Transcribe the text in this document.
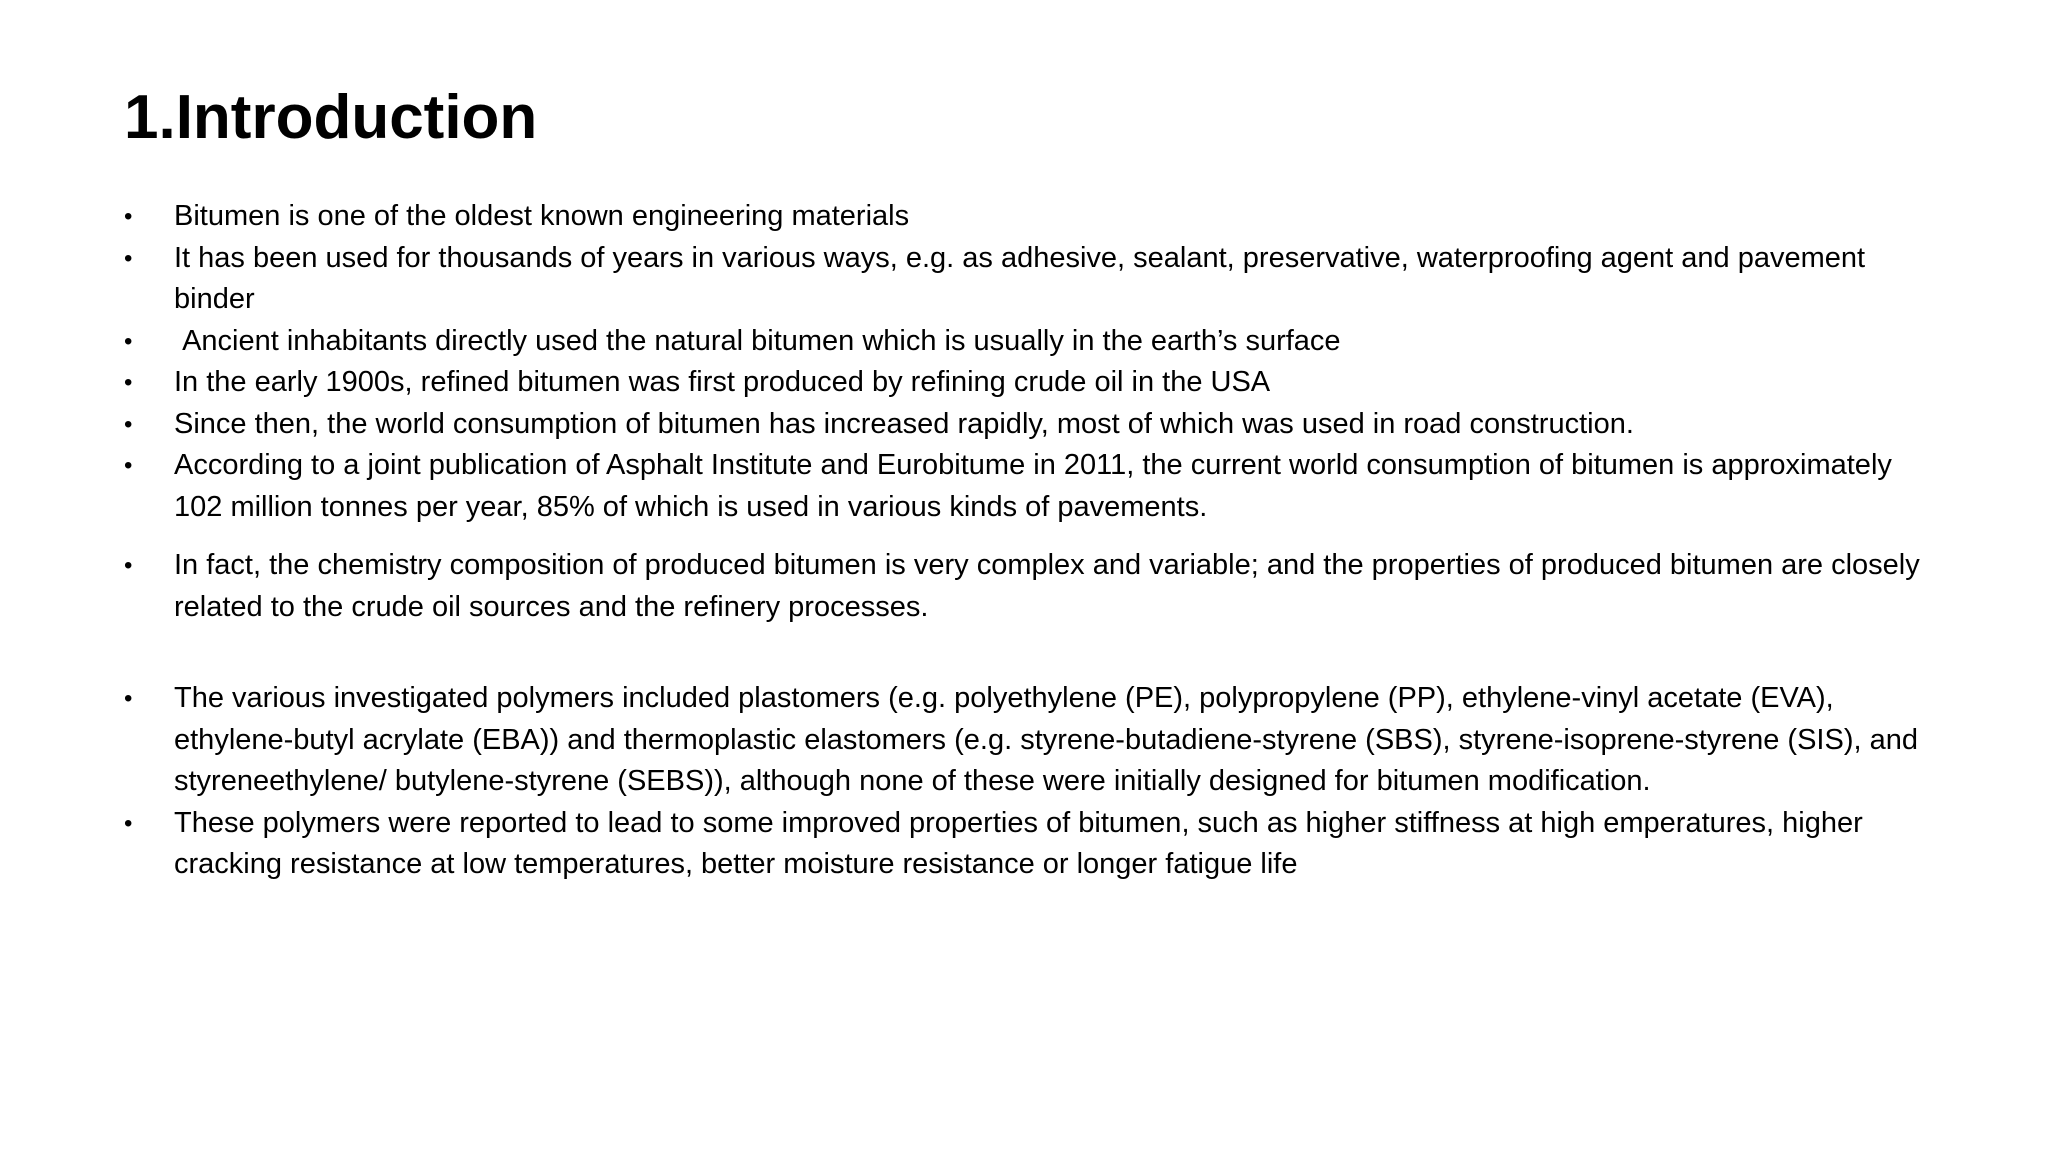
1.Introduction
•	Bitumen is one of the oldest known engineering materials
•	It has been used for thousands of years in various ways, e.g. as adhesive, sealant, preservative, waterproofing agent and pavement binder
•	Ancient inhabitants directly used the natural bitumen which is usually in the earth’s surface
•	In the early 1900s, refined bitumen was first produced by refining crude oil in the USA
•	Since then, the world consumption of bitumen has increased rapidly, most of which was used in road construction.
•	According to a joint publication of Asphalt Institute and Eurobitume in 2011, the current world consumption of bitumen is approximately 102 million tonnes per year, 85% of which is used in various kinds of pavements.
•	In fact, the chemistry composition of produced bitumen is very complex and variable; and the properties of produced bitumen are closely related to the crude oil sources and the refinery processes.
•	The various investigated polymers included plastomers (e.g. polyethylene (PE), polypropylene (PP), ethylene-vinyl acetate (EVA), ethylene-butyl acrylate (EBA)) and thermoplastic elastomers (e.g. styrene-butadiene-styrene (SBS), styrene-isoprene-styrene (SIS), and styreneethylene/ butylene-styrene (SEBS)), although none of these were initially designed for bitumen modification.
•	These polymers were reported to lead to some improved properties of bitumen, such as higher stiffness at high emperatures, higher cracking resistance at low temperatures, better moisture resistance or longer fatigue life
